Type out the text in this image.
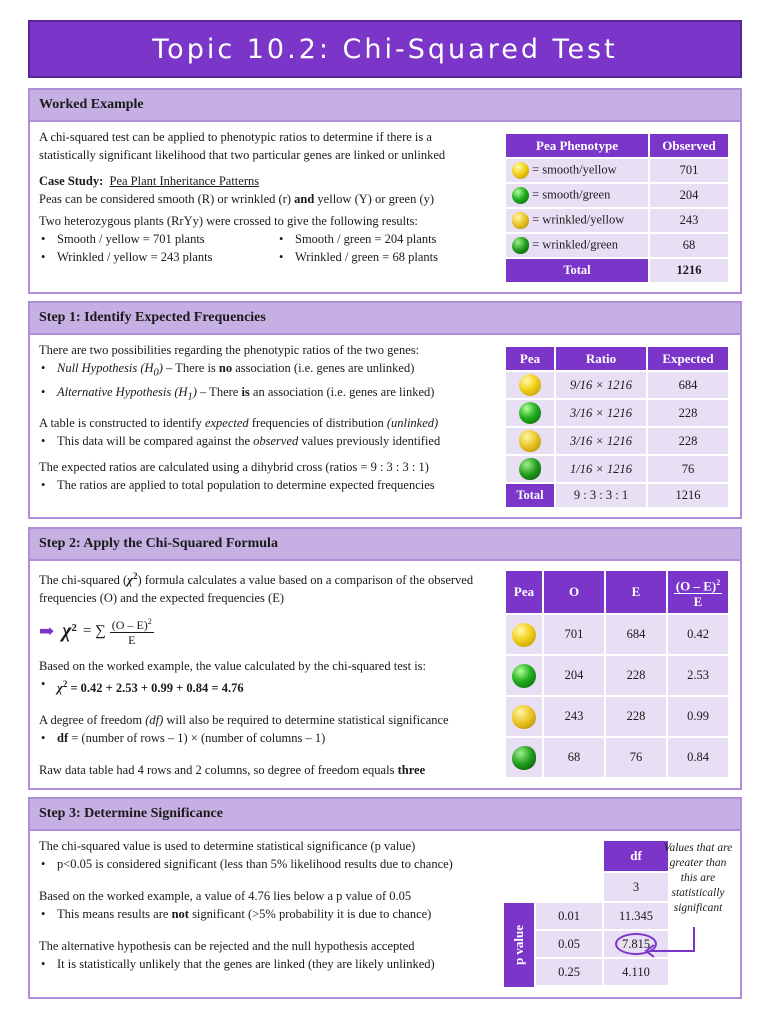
Topic 10.2: Chi-Squared Test
Worked Example

A chi-squared test can be applied to phenotypic ratios to determine if there is a statistically significant likelihood that two particular genes are linked or unlinked

Case Study: Pea Plant Inheritance Patterns

Peas can be considered smooth (R) or wrinkled (r) and yellow (Y) or green (y)

Two heterozygous plants (RrYy) were crossed to give the following results:

• Smooth / yellow = 701 plants

• Wrinkled / yellow = 243 plants

• Smooth / green = 204 plants

• Wrinkled / green = 68 plants

Pea Phenotype	Observed
= smooth/yellow	701
= smooth/green	204
= wrinkled/yellow	243
= wrinkled/green	68
Total	1216
Step 1: Identify Expected Frequencies

There are two possibilities regarding the phenotypic ratios of the two genes:

• Null Hypothesis $(H_0)$ – There is no association (i.e. genes are unlinked)

• Alternative Hypothesis $(H_1)$ – There is an association (i.e. genes are linked)

A table is constructed to identify expected frequencies of distribution (unlinked)

• This data will be compared against the observed values previously identified

The expected ratios are calculated using a dihybrid cross (ratios = 9 : 3 : 3 : 1)

• The ratios are applied to total population to determine expected frequencies

Pea	Ratio	Expected
	9/16 × 1216	684
	3/16 × 1216	228
	3/16 × 1216	228
	1/16 × 1216	76
Total	9 : 3 : 3 : 1	1216
Step 2: Apply the Chi-Squared Formula

The chi-squared $(\chi^2)$ formula calculates a value based on a comparison of the observed frequencies (O) and the expected frequencies (E)

➡ $\chi^2$ = ∑ $\frac{(O - E)^2}{E}$

Based on the worked example, the value calculated by the chi-squared test is:

• $\chi^2 = 0.42 + 2.53 + 0.99 + 0.84 = 4.76$

A degree of freedom (df) will also be required to determine statistical significance

• df = (number of rows – 1) × (number of columns – 1)

Raw data table had 4 rows and 2 columns, so degree of freedom equals three

Pea	O	E	$\frac{(O - E)^2}{E}$

	701	684	0.42
	204	228	2.53
	243	228	0.99
	68	76	0.84
Step 3: Determine Significance

The chi-squared value is used to determine statistical significance (p value)

• p<0.05 is considered significant (less than 5% likelihood results due to chance)

Based on the worked example, a value of 4.76 lies below a p value of 0.05

• This means results are not significant (>5% probability it is due to chance)

The alternative hypothesis can be rejected and the null hypothesis accepted

• It is statistically unlikely that the genes are linked (they are likely unlinked)

df
3
p value
0.01	11.345
0.05	7.815
0.25	4.110
Values that are greater than this are statistically significant
